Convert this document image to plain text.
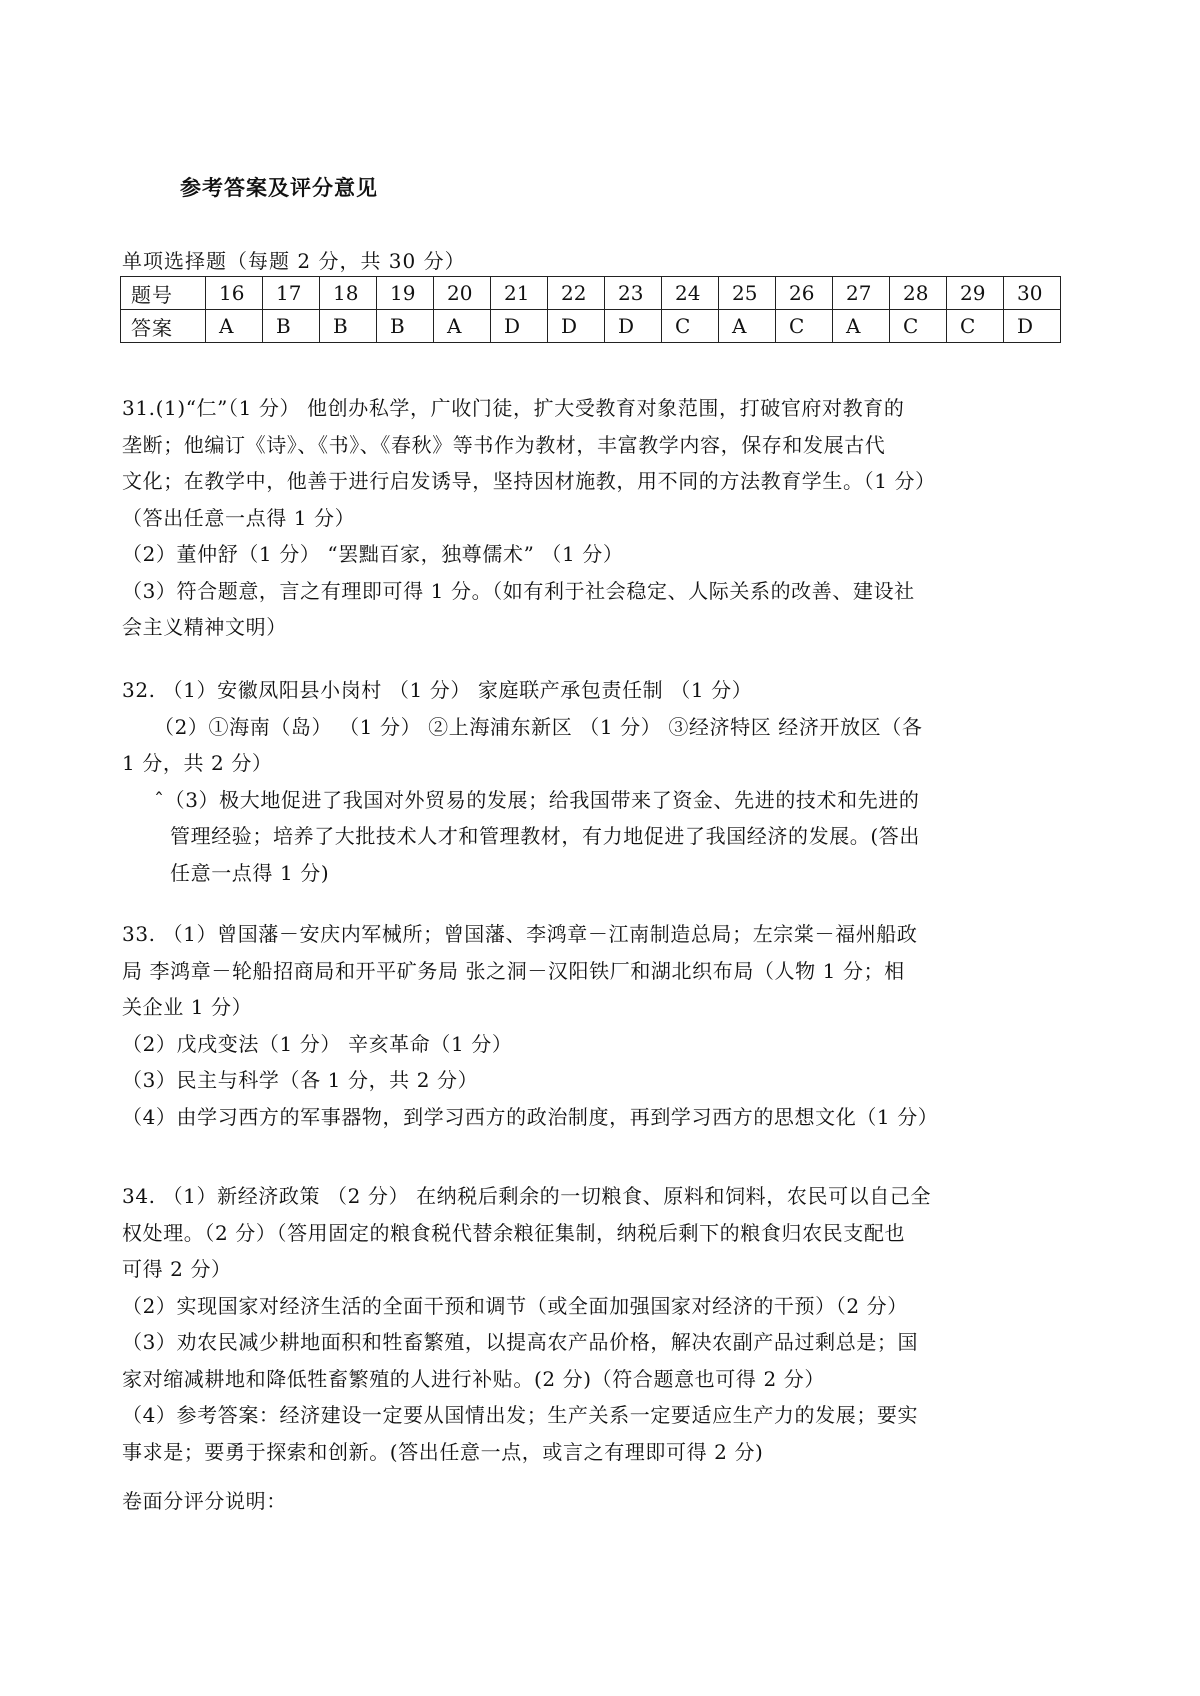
参考答案及评分意见
单项选择题（每题 2 分，共 30 分）
题号	16	17	18	19	20	21	22	23	24	25	26	27	28	29	30
答案	A	B	B	B	A	D	D	D	C	A	C	A	C	C	D

31.(1)“仁”（1 分） 他创办私学，广收门徒，扩大受教育对象范围，打破官府对教育的

垄断；他编订《诗》、《书》、《春秋》等书作为教材，丰富教学内容，保存和发展古代

文化；在教学中，他善于进行启发诱导，坚持因材施教，用不同的方法教育学生。（1 分）

（答出任意一点得 1 分）

（2）董仲舒（1 分） “罢黜百家，独尊儒术” （1 分）

（3）符合题意，言之有理即可得 1 分。（如有利于社会稳定、人际关系的改善、建设社

会主义精神文明）

32. （1）安徽凤阳县小岗村 （1 分） 家庭联产承包责任制 （1 分）

（2）①海南（岛） （1 分） ②上海浦东新区 （1 分） ③经济特区 经济开放区（各

1 分，共 2 分）

ˆ（3）极大地促进了我国对外贸易的发展；给我国带来了资金、先进的技术和先进的

管理经验；培养了大批技术人才和管理教材，有力地促进了我国经济的发展。(答出

任意一点得 1 分)

33. （1）曾国藩－安庆内军械所；曾国藩、李鸿章－江南制造总局；左宗棠－福州船政

局 李鸿章－轮船招商局和开平矿务局 张之洞－汉阳铁厂和湖北织布局（人物 1 分；相

关企业 1 分）

（2）戊戌变法（1 分） 辛亥革命（1 分）

（3）民主与科学（各 1 分，共 2 分）

（4）由学习西方的军事器物，到学习西方的政治制度，再到学习西方的思想文化（1 分）

34. （1）新经济政策 （2 分） 在纳税后剩余的一切粮食、原料和饲料，农民可以自己全

权处理。（2 分）（答用固定的粮食税代替余粮征集制，纳税后剩下的粮食归农民支配也

可得 2 分）

（2）实现国家对经济生活的全面干预和调节（或全面加强国家对经济的干预）（2 分）

（3）劝农民减少耕地面积和牲畜繁殖，以提高农产品价格，解决农副产品过剩总是；国

家对缩减耕地和降低牲畜繁殖的人进行补贴。(2 分)（符合题意也可得 2 分）

（4）参考答案：经济建设一定要从国情出发；生产关系一定要适应生产力的发展；要实

事求是；要勇于探索和创新。(答出任意一点，或言之有理即可得 2 分)

卷面分评分说明：
